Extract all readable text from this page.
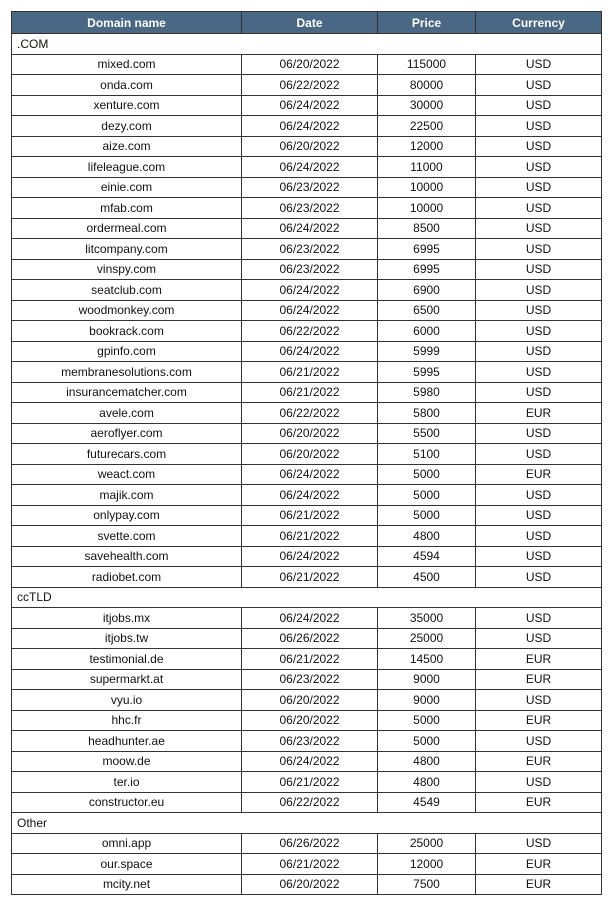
Domain name	Date	Price	Currency
.COM			
mixed.com	06/20/2022	115000	USD
onda.com	06/22/2022	80000	USD
xenture.com	06/24/2022	30000	USD
dezy.com	06/24/2022	22500	USD
aize.com	06/20/2022	12000	USD
lifeleague.com	06/24/2022	11000	USD
einie.com	06/23/2022	10000	USD
mfab.com	06/23/2022	10000	USD
ordermeal.com	06/24/2022	8500	USD
litcompany.com	06/23/2022	6995	USD
vinspy.com	06/23/2022	6995	USD
seatclub.com	06/24/2022	6900	USD
woodmonkey.com	06/24/2022	6500	USD
bookrack.com	06/22/2022	6000	USD
gpinfo.com	06/24/2022	5999	USD
membranesolutions.com	06/21/2022	5995	USD
insurancematcher.com	06/21/2022	5980	USD
avele.com	06/22/2022	5800	EUR
aeroflyer.com	06/20/2022	5500	USD
futurecars.com	06/20/2022	5100	USD
weact.com	06/24/2022	5000	EUR
majik.com	06/24/2022	5000	USD
onlypay.com	06/21/2022	5000	USD
svette.com	06/21/2022	4800	USD
savehealth.com	06/24/2022	4594	USD
radiobet.com	06/21/2022	4500	USD
ccTLD			
itjobs.mx	06/24/2022	35000	USD
itjobs.tw	06/26/2022	25000	USD
testimonial.de	06/21/2022	14500	EUR
supermarkt.at	06/23/2022	9000	EUR
vyu.io	06/20/2022	9000	USD
hhc.fr	06/20/2022	5000	EUR
headhunter.ae	06/23/2022	5000	USD
moow.de	06/24/2022	4800	EUR
ter.io	06/21/2022	4800	USD
constructor.eu	06/22/2022	4549	EUR
Other			
omni.app	06/26/2022	25000	USD
our.space	06/21/2022	12000	EUR
mcity.net	06/20/2022	7500	EUR
